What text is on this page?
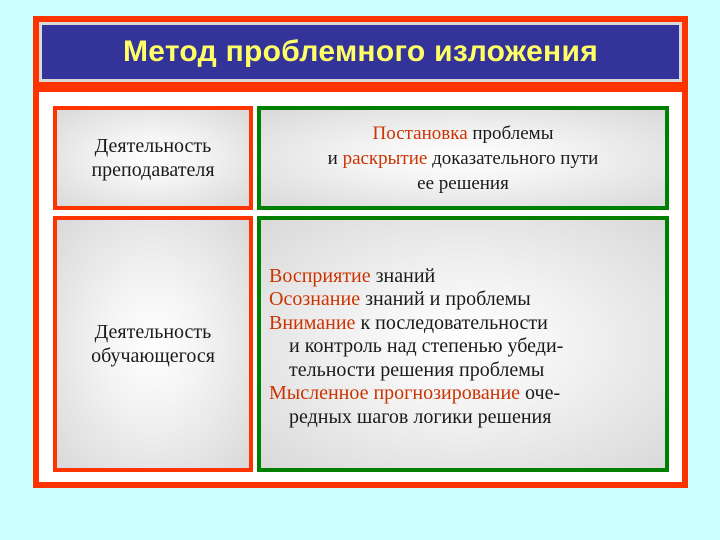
Метод проблемного изложения
Деятельность
преподавателя
Постановка проблемы
и раскрытие доказательного пути
ее решения
Деятельность
обучающегося
Восприятие знаний
Осознание знаний и проблемы
Внимание к последовательности
и контроль над степенью убеди-
тельности решения проблемы
Мысленное прогнозирование оче-
редных шагов логики решения
